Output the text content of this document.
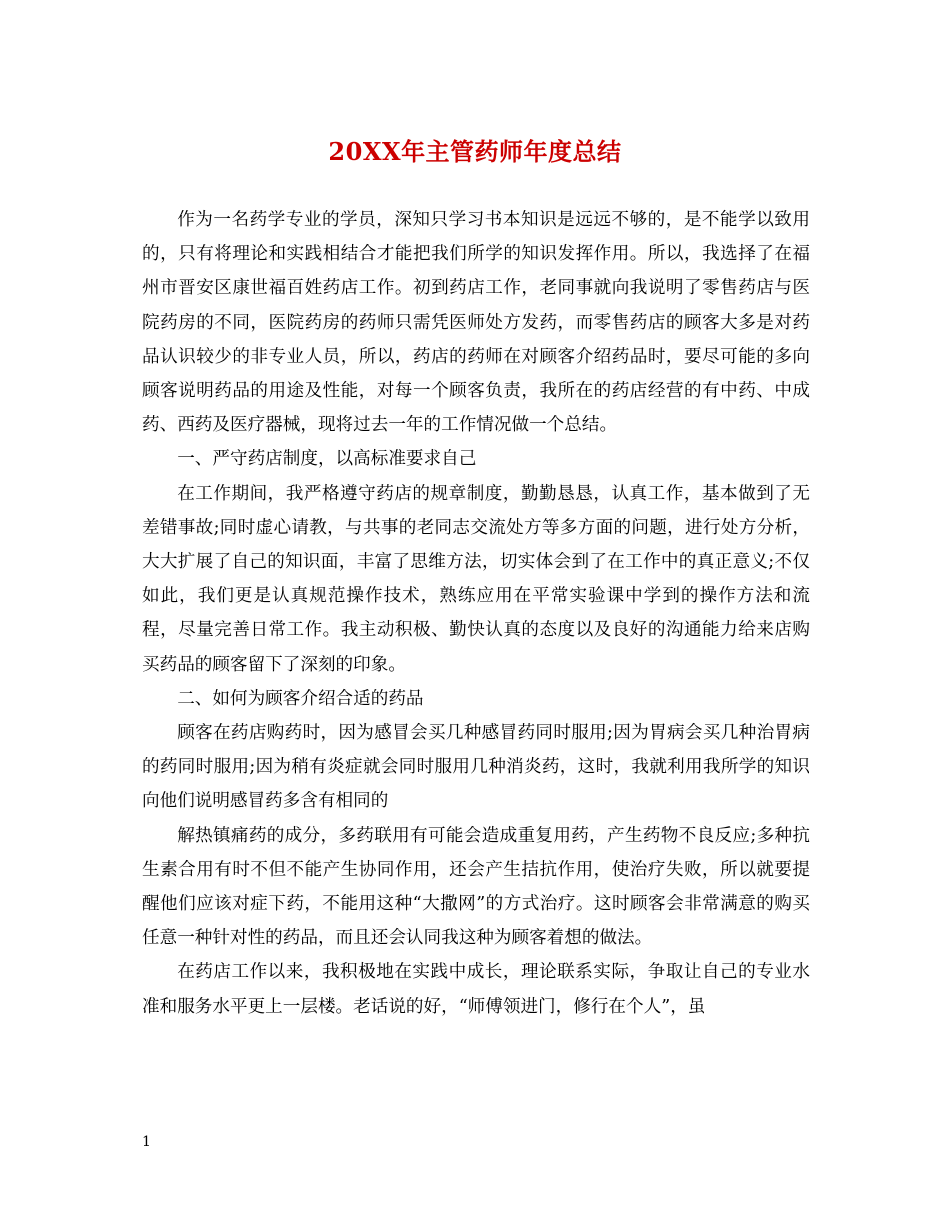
20XX年主管药师年度总结

作为一名药学专业的学员，深知只学习书本知识是远远不够的，是不能学以致用的，只有将理论和实践相结合才能把我们所学的知识发挥作用。所以，我选择了在福州市晋安区康世福百姓药店工作。初到药店工作，老同事就向我说明了零售药店与医院药房的不同，医院药房的药师只需凭医师处方发药，而零售药店的顾客大多是对药品认识较少的非专业人员，所以，药店的药师在对顾客介绍药品时，要尽可能的多向顾客说明药品的用途及性能，对每一个顾客负责，我所在的药店经营的有中药、中成药、西药及医疗器械，现将过去一年的工作情况做一个总结。

一、严守药店制度，以高标准要求自己

在工作期间，我严格遵守药店的规章制度，勤勤恳恳，认真工作，基本做到了无差错事故;同时虚心请教，与共事的老同志交流处方等多方面的问题，进行处方分析，大大扩展了自己的知识面，丰富了思维方法，切实体会到了在工作中的真正意义;不仅如此，我们更是认真规范操作技术，熟练应用在平常实验课中学到的操作方法和流程，尽量完善日常工作。我主动积极、勤快认真的态度以及良好的沟通能力给来店购买药品的顾客留下了深刻的印象。

二、如何为顾客介绍合适的药品

顾客在药店购药时，因为感冒会买几种感冒药同时服用;因为胃病会买几种治胃病的药同时服用;因为稍有炎症就会同时服用几种消炎药，这时，我就利用我所学的知识向他们说明感冒药多含有相同的

解热镇痛药的成分，多药联用有可能会造成重复用药，产生药物不良反应;多种抗生素合用有时不但不能产生协同作用，还会产生拮抗作用，使治疗失败，所以就要提醒他们应该对症下药，不能用这种“大撒网”的方式治疗。这时顾客会非常满意的购买任意一种针对性的药品，而且还会认同我这种为顾客着想的做法。

在药店工作以来，我积极地在实践中成长，理论联系实际，争取让自己的专业水准和服务水平更上一层楼。老话说的好，“师傅领进门，修行在个人”，虽

1
